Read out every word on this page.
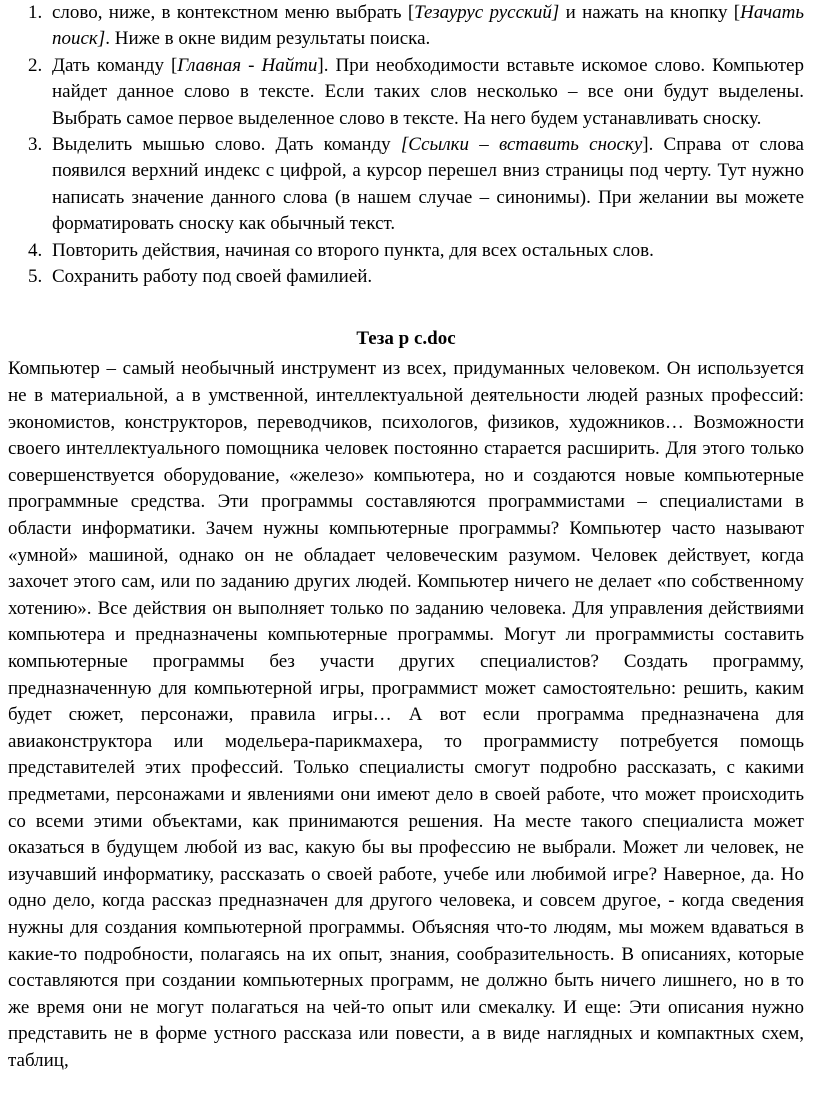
1. слово, ниже, в контекстном меню выбрать [Тезаурус русский] и нажать на кнопку [Начать поиск]. Ниже в окне видим результаты поиска.
2. Дать команду [Главная - Найти]. При необходимости вставьте искомое слово. Компьютер найдет данное слово в тексте. Если таких слов несколько – все они будут выделены. Выбрать самое первое выделенное слово в тексте. На него будем устанавливать сноску.
3. Выделить мышью слово. Дать команду [Ссылки – вставить сноску]. Справа от слова появился верхний индекс с цифрой, а курсор перешел вниз страницы под черту. Тут нужно написать значение данного слова (в нашем случае – синонимы). При желании вы можете форматировать сноску как обычный текст.
4. Повторить действия, начиная со второго пункта, для всех остальных слов.
5. Сохранить работу под своей фамилией.
Теза р с.doc

Компьютер – самый необычный инструмент из всех, придуманных человеком. Он используется не в материальной, а в умственной, интеллектуальной деятельности людей разных профессий: экономистов, конструкторов, переводчиков, психологов, физиков, художников… Возможности своего интеллектуального помощника человек постоянно старается расширить. Для этого только совершенствуется оборудование, «железо» компьютера, но и создаются новые компьютерные программные средства. Эти программы составляются программистами – специалистами в области информатики. Зачем нужны компьютерные программы? Компьютер часто называют «умной» машиной, однако он не обладает человеческим разумом. Человек действует, когда захочет этого сам, или по заданию других людей. Компьютер ничего не делает «по собственному хотению». Все действия он выполняет только по заданию человека. Для управления действиями компьютера и предназначены компьютерные программы. Могут ли программисты составить компьютерные программы без участи других специалистов? Создать программу, предназначенную для компьютерной игры, программист может самостоятельно: решить, каким будет сюжет, персонажи, правила игры… А вот если программа предназначена для авиаконструктора или модельера-парикмахера, то программисту потребуется помощь представителей этих профессий. Только специалисты смогут подробно рассказать, с какими предметами, персонажами и явлениями они имеют дело в своей работе, что может происходить со всеми этими объектами, как принимаются решения. На месте такого специалиста может оказаться в будущем любой из вас, какую бы вы профессию не выбрали. Может ли человек, не изучавший информатику, рассказать о своей работе, учебе или любимой игре? Наверное, да. Но одно дело, когда рассказ предназначен для другого человека, и совсем другое, - когда сведения нужны для создания компьютерной программы. Объясняя что-то людям, мы можем вдаваться в какие-то подробности, полагаясь на их опыт, знания, сообразительность. В описаниях, которые составляются при создании компьютерных программ, не должно быть ничего лишнего, но в то же время они не могут полагаться на чей-то опыт или смекалку. И еще: Эти описания нужно представить не в форме устного рассказа или повести, а в виде наглядных и компактных схем, таблиц,
